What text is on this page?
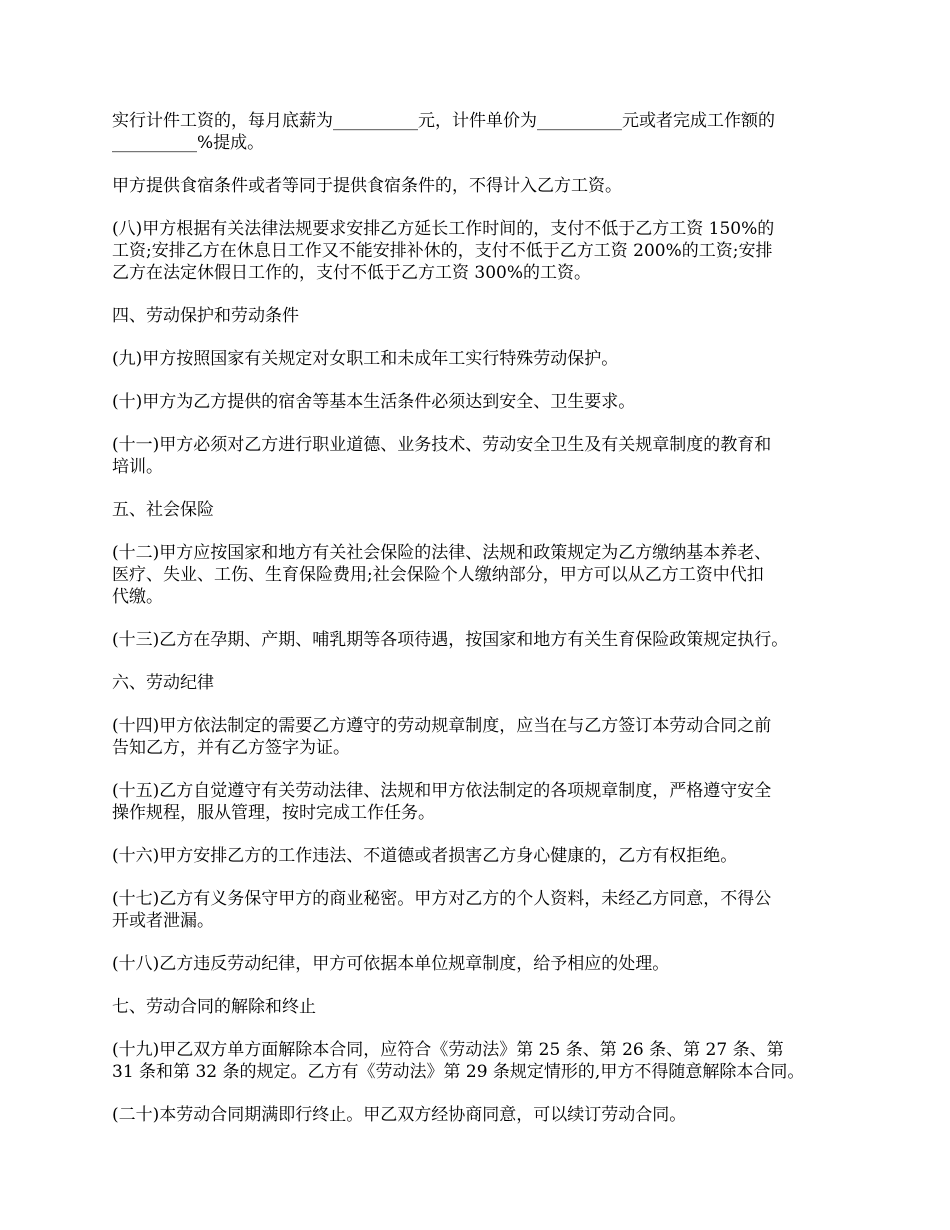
实行计件工资的，每月底薪为__________元，计件单价为__________元或者完成工作额的
__________%提成。

甲方提供食宿条件或者等同于提供食宿条件的，不得计入乙方工资。

(八)甲方根据有关法律法规要求安排乙方延长工作时间的，支付不低于乙方工资 150%的
工资;安排乙方在休息日工作又不能安排补休的，支付不低于乙方工资 200%的工资;安排
乙方在法定休假日工作的，支付不低于乙方工资 300%的工资。

四、劳动保护和劳动条件

(九)甲方按照国家有关规定对女职工和未成年工实行特殊劳动保护。

(十)甲方为乙方提供的宿舍等基本生活条件必须达到安全、卫生要求。

(十一)甲方必须对乙方进行职业道德、业务技术、劳动安全卫生及有关规章制度的教育和
培训。

五、社会保险

(十二)甲方应按国家和地方有关社会保险的法律、法规和政策规定为乙方缴纳基本养老、
医疗、失业、工伤、生育保险费用;社会保险个人缴纳部分，甲方可以从乙方工资中代扣
代缴。

(十三)乙方在孕期、产期、哺乳期等各项待遇，按国家和地方有关生育保险政策规定执行。

六、劳动纪律

(十四)甲方依法制定的需要乙方遵守的劳动规章制度，应当在与乙方签订本劳动合同之前
告知乙方，并有乙方签字为证。

(十五)乙方自觉遵守有关劳动法律、法规和甲方依法制定的各项规章制度，严格遵守安全
操作规程，服从管理，按时完成工作任务。

(十六)甲方安排乙方的工作违法、不道德或者损害乙方身心健康的，乙方有权拒绝。

(十七)乙方有义务保守甲方的商业秘密。甲方对乙方的个人资料，未经乙方同意，不得公
开或者泄漏。

(十八)乙方违反劳动纪律，甲方可依据本单位规章制度，给予相应的处理。

七、劳动合同的解除和终止

(十九)甲乙双方单方面解除本合同，应符合《劳动法》第 25 条、第 26 条、第 27 条、第
31 条和第 32 条的规定。乙方有《劳动法》第 29 条规定情形的,甲方不得随意解除本合同。

(二十)本劳动合同期满即行终止。甲乙双方经协商同意，可以续订劳动合同。
